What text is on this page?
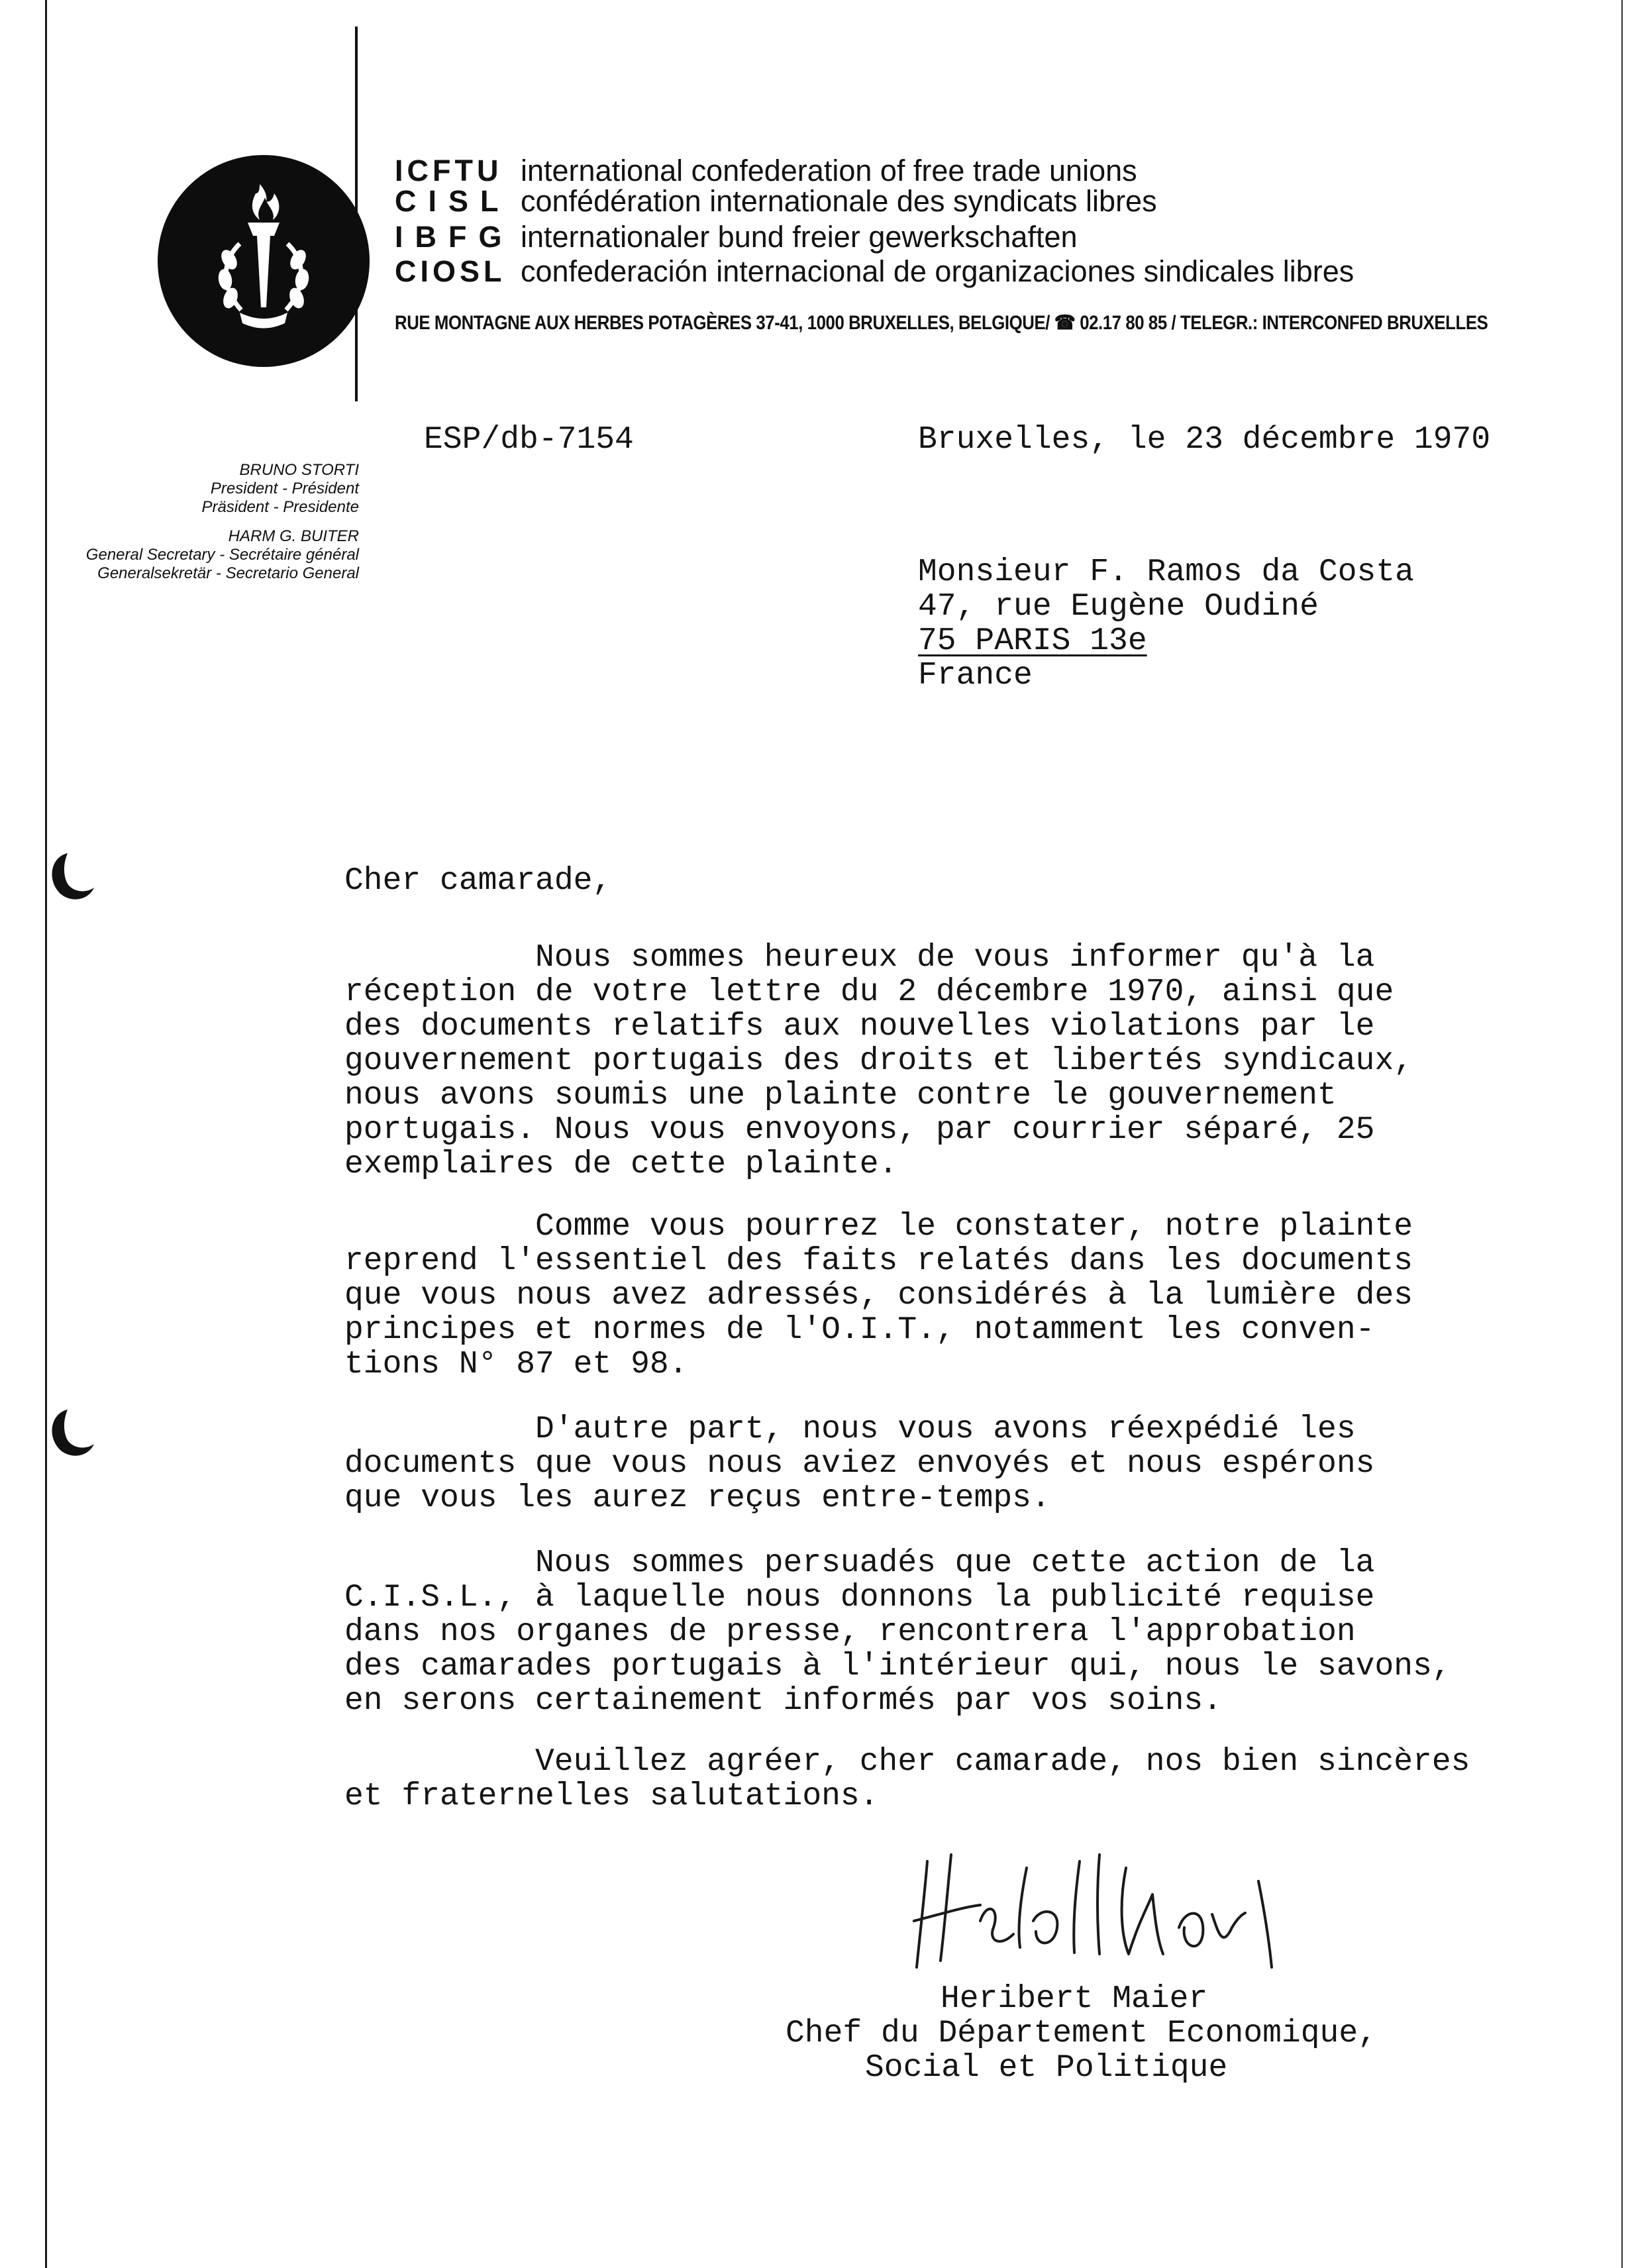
ICFTU international confederation of free trade unions
CISL confédération internationale des syndicats libres
IBFG internationaler bund freier gewerkschaften
CIOSL confederación internacional de organizaciones sindicales libres
RUE MONTAGNE AUX HERBES POTAGÈRES 37-41, 1000 BRUXELLES, BELGIQUE/ ☎ 02.17 80 85 / TELEGR.: INTERCONFED BRUXELLES
BRUNO STORTI
President - Président
Präsident - Presidente
HARM G. BUITER
General Secretary - Secrétaire général
Generalsekretär - Secretario General
ESP/db-7154	Bruxelles, le 23 décembre 1970
Monsieur F. Ramos da Costa
47, rue Eugène Oudiné
75 PARIS 13e
France
Cher camarade,
Nous sommes heureux de vous informer qu'à la
réception de votre lettre du 2 décembre 1970, ainsi que
des documents relatifs aux nouvelles violations par le
gouvernement portugais des droits et libertés syndicaux,
nous avons soumis une plainte contre le gouvernement
portugais. Nous vous envoyons, par courrier séparé, 25
exemplaires de cette plainte.
Comme vous pourrez le constater, notre plainte
reprend l'essentiel des faits relatés dans les documents
que vous nous avez adressés, considérés à la lumière des
principes et normes de l'O.I.T., notamment les conven-
tions N° 87 et 98.
D'autre part, nous vous avons réexpédié les
documents que vous nous aviez envoyés et nous espérons
que vous les aurez reçus entre-temps.
Nous sommes persuadés que cette action de la
C.I.S.L., à laquelle nous donnons la publicité requise
dans nos organes de presse, rencontrera l'approbation
des camarades portugais à l'intérieur qui, nous le savons,
en serons certainement informés par vos soins.
Veuillez agréer, cher camarade, nos bien sincères
et fraternelles salutations.
Heribert Maier
Chef du Département Economique,
Social et Politique
